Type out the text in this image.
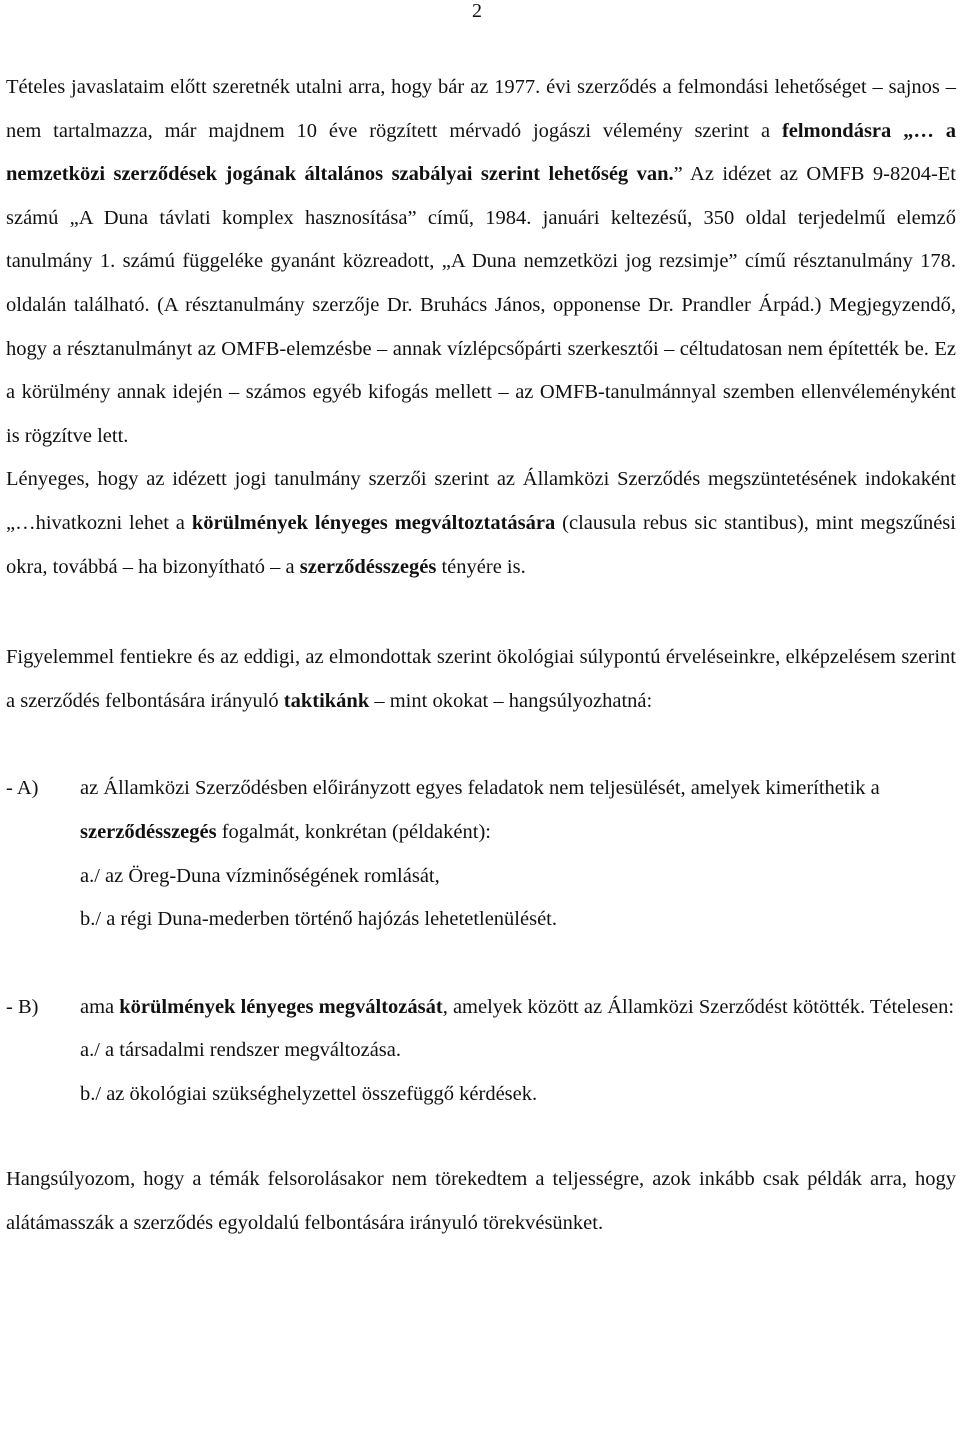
2

Tételes javaslataim előtt szeretnék utalni arra, hogy bár az 1977. évi szerződés a felmondási lehetőséget – sajnos – nem tartalmazza, már majdnem 10 éve rögzített mérvadó jogászi vélemény szerint a felmondásra „… a nemzetközi szerződések jogának általános szabályai szerint lehetőség van.” Az idézet az OMFB 9-8204-Et számú „A Duna távlati komplex hasznosítása” című, 1984. januári keltezésű, 350 oldal terjedelmű elemző tanulmány 1. számú függeléke gyanánt közreadott, „A Duna nemzetközi jog rezsimje” című résztanulmány 178. oldalán található. (A résztanulmány szerzője Dr. Bruhács János, opponense Dr. Prandler Árpád.) Megjegyzendő, hogy a résztanulmányt az OMFB-elemzésbe – annak vízlépcsőpárti szerkesztői – céltudatosan nem építették be. Ez a körülmény annak idején – számos egyéb kifogás mellett – az OMFB-tanulmánnyal szemben ellenvéleményként is rögzítve lett.

Lényeges, hogy az idézett jogi tanulmány szerzői szerint az Államközi Szerződés megszüntetésének indokaként „…hivatkozni lehet a körülmények lényeges megváltoztatására (clausula rebus sic stantibus), mint megszűnési okra, továbbá – ha bizonyítható – a szerződésszegés tényére is.

Figyelemmel fentiekre és az eddigi, az elmondottak szerint ökológiai súlypontú érveléseinkre, elképzelésem szerint a szerződés felbontására irányuló taktikánk – mint okokat – hangsúlyozhatná:

- A)	az Államközi Szerződésben előirányzott egyes feladatok nem teljesülését, amelyek kimeríthetik a szerződésszegés fogalmát, konkrétan (példaként):

a./ az Öreg-Duna vízminőségének romlását,
b./ a régi Duna-mederben történő hajózás lehetetlenülését.
- B)	ama körülmények lényeges megváltozását, amelyek között az Államközi Szerződést kötötték. Tételesen:

a./ a társadalmi rendszer megváltozása.
b./ az ökológiai szükséghelyzettel összefüggő kérdések.

Hangsúlyozom, hogy a témák felsorolásakor nem törekedtem a teljességre, azok inkább csak példák arra, hogy alátámasszák a szerződés egyoldalú felbontására irányuló törekvésünket.
